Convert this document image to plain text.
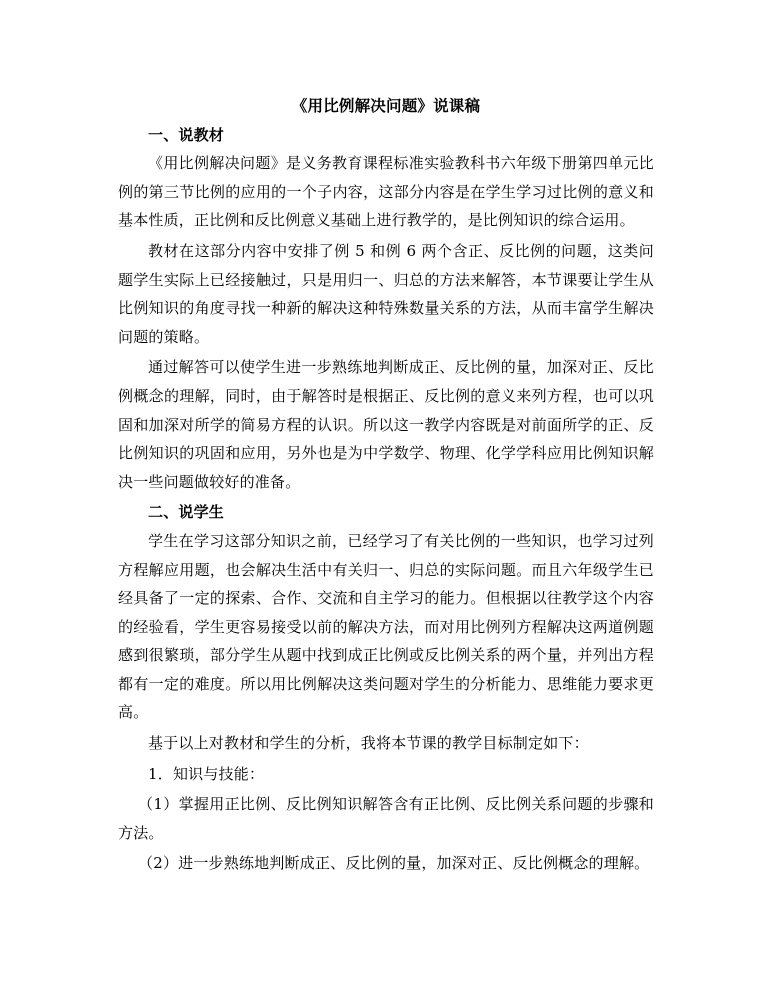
《用比例解决问题》说课稿

一、说教材

《用比例解决问题》是义务教育课程标准实验教科书六年级下册第四单元比例的第三节比例的应用的一个子内容，这部分内容是在学生学习过比例的意义和基本性质，正比例和反比例意义基础上进行教学的，是比例知识的综合运用。

教材在这部分内容中安排了例 5 和例 6 两个含正、反比例的问题，这类问题学生实际上已经接触过，只是用归一、归总的方法来解答，本节课要让学生从比例知识的角度寻找一种新的解决这种特殊数量关系的方法，从而丰富学生解决问题的策略。

通过解答可以使学生进一步熟练地判断成正、反比例的量，加深对正、反比例概念的理解，同时，由于解答时是根据正、反比例的意义来列方程，也可以巩固和加深对所学的简易方程的认识。所以这一教学内容既是对前面所学的正、反比例知识的巩固和应用，另外也是为中学数学、物理、化学学科应用比例知识解决一些问题做较好的准备。

二、说学生

学生在学习这部分知识之前，已经学习了有关比例的一些知识，也学习过列方程解应用题，也会解决生活中有关归一、归总的实际问题。而且六年级学生已经具备了一定的探索、合作、交流和自主学习的能力。但根据以往教学这个内容的经验看，学生更容易接受以前的解决方法，而对用比例列方程解决这两道例题感到很繁琐，部分学生从题中找到成正比例或反比例关系的两个量，并列出方程都有一定的难度。所以用比例解决这类问题对学生的分析能力、思维能力要求更高。

基于以上对教材和学生的分析，我将本节课的教学目标制定如下：

1．知识与技能：

（1）掌握用正比例、反比例知识解答含有正比例、反比例关系问题的步骤和方法。

（2）进一步熟练地判断成正、反比例的量，加深对正、反比例概念的理解。
